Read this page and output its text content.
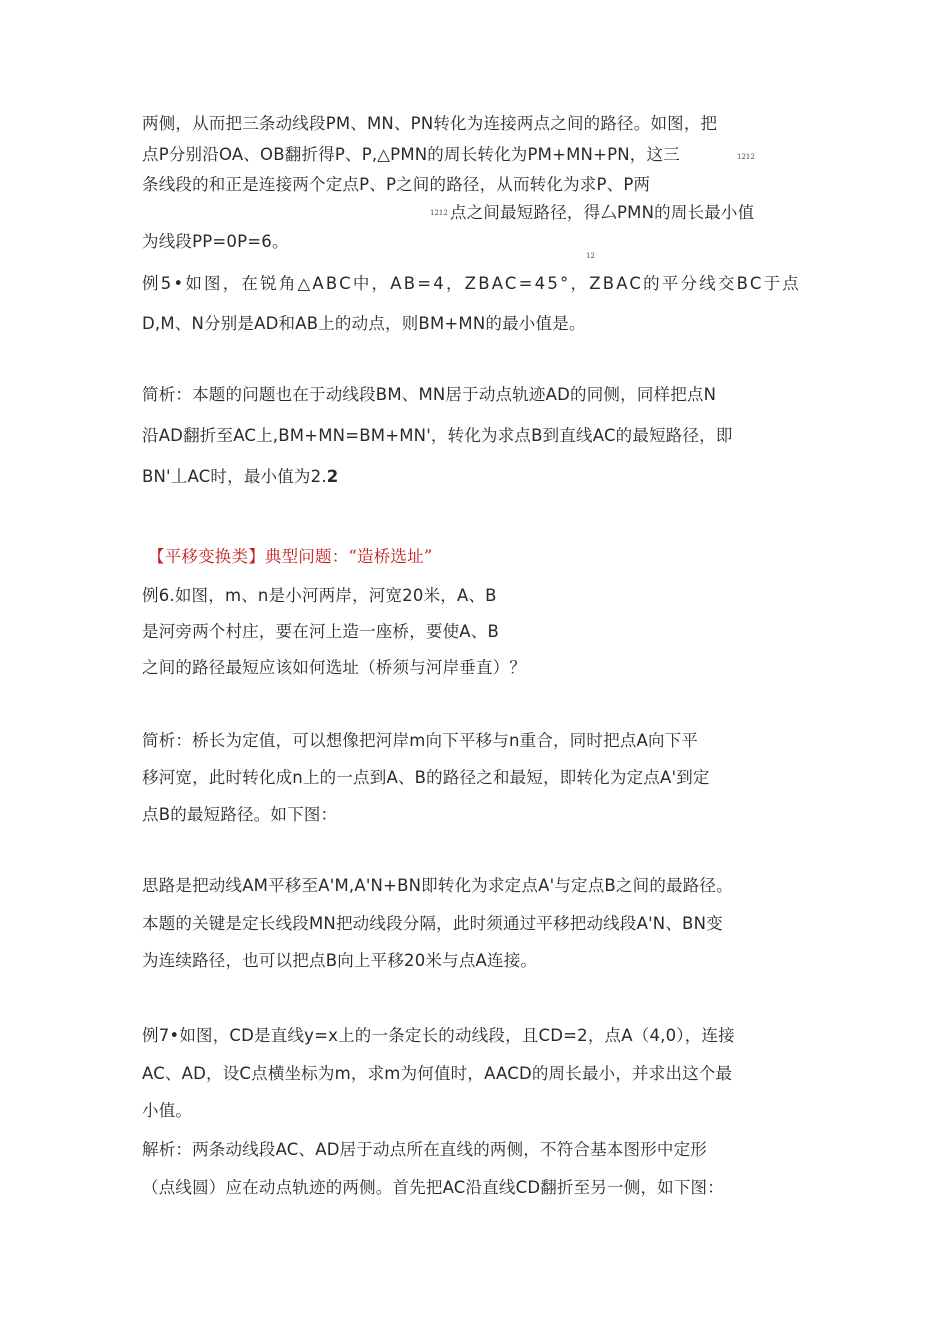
两侧，从而把三条动线段PM、MN、PN转化为连接两点之间的路径。如图，把
点P分别沿OA、OB翻折得P、P,△PMN的周长转化为PM+MN+PN，这三	1212
条线段的和正是连接两个定点P、P之间的路径，从而转化为求P、P两
1212 点之间最短路径，得厶PMN的周长最小值
为线段PP=0P=6。
12
例5•如图，在锐角△ABC中，AB=4，ZBAC=45°，ZBAC的平分线交BC于点
D,M、N分别是AD和AB上的动点，则BM+MN的最小值是。
简析：本题的问题也在于动线段BM、MN居于动点轨迹AD的同侧，同样把点N
沿AD翻折至AC上,BM+MN=BM+MN'，转化为求点B到直线AC的最短路径，即
BN'丄AC时，最小值为2.2
【平移变换类】典型问题：“造桥选址”
例6.如图，m、n是小河两岸，河宽20米，A、B
是河旁两个村庄，要在河上造一座桥，要使A、B
之间的路径最短应该如何选址（桥须与河岸垂直）？
简析：桥长为定值，可以想像把河岸m向下平移与n重合，同时把点A向下平
移河宽，此时转化成n上的一点到A、B的路径之和最短，即转化为定点A'到定
点B的最短路径。如下图：
思路是把动线AM平移至A'M,A'N+BN即转化为求定点A'与定点B之间的最路径。
本题的关键是定长线段MN把动线段分隔，此时须通过平移把动线段A'N、BN变
为连续路径，也可以把点B向上平移20米与点A连接。
例7•如图，CD是直线y=x上的一条定长的动线段，且CD=2，点A（4,0），连接
AC、AD，设C点横坐标为m，求m为何值时，AACD的周长最小，并求出这个最
小值。
解析：两条动线段AC、AD居于动点所在直线的两侧，不符合基本图形中定形
（点线圆）应在动点轨迹的两侧。首先把AC沿直线CD翻折至另一侧，如下图：
